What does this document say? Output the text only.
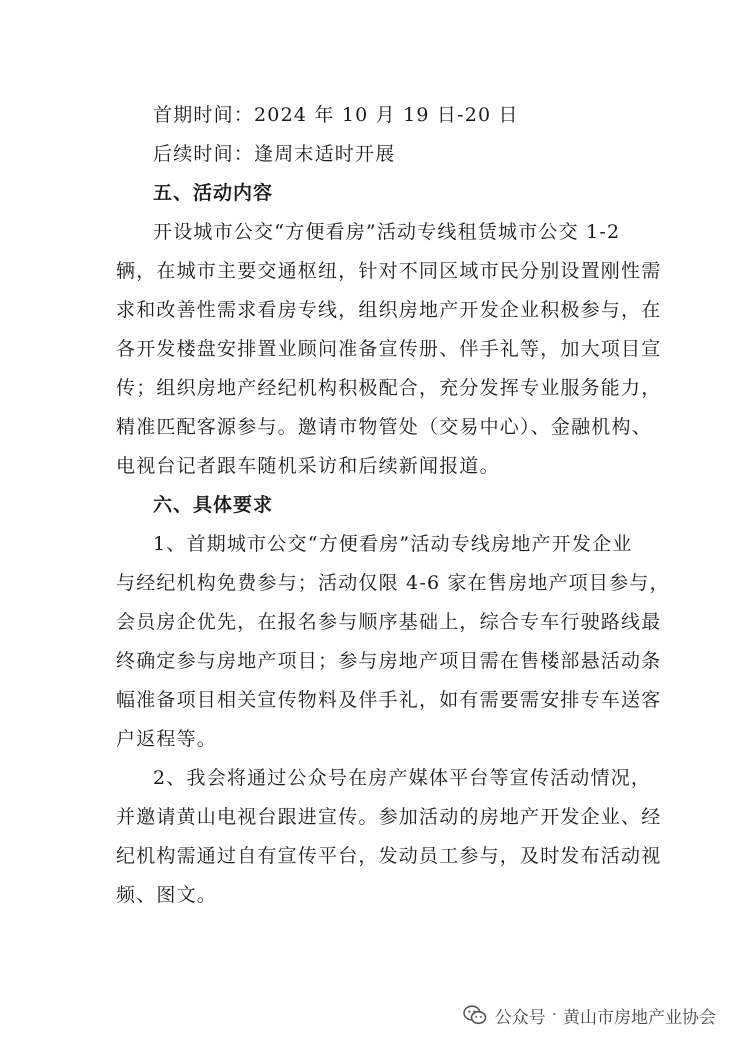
首期时间：2024 年 10 月 19 日-20 日
后续时间：逢周末适时开展
五、活动内容
开设城市公交“方便看房”活动专线租赁城市公交 1-2
辆，在城市主要交通枢纽，针对不同区域市民分别设置刚性需
求和改善性需求看房专线，组织房地产开发企业积极参与，在
各开发楼盘安排置业顾问准备宣传册、伴手礼等，加大项目宣
传；组织房地产经纪机构积极配合，充分发挥专业服务能力，
精准匹配客源参与。邀请市物管处（交易中心）、金融机构、
电视台记者跟车随机采访和后续新闻报道。
六、具体要求
1、首期城市公交“方便看房”活动专线房地产开发企业
与经纪机构免费参与；活动仅限 4-6 家在售房地产项目参与，
会员房企优先，在报名参与顺序基础上，综合专车行驶路线最
终确定参与房地产项目；参与房地产项目需在售楼部悬活动条
幅准备项目相关宣传物料及伴手礼，如有需要需安排专车送客
户返程等。
2、我会将通过公众号在房产媒体平台等宣传活动情况，
并邀请黄山电视台跟进宣传。参加活动的房地产开发企业、经
纪机构需通过自有宣传平台，发动员工参与，及时发布活动视
频、图文。
公众号 · 黄山市房地产业协会
